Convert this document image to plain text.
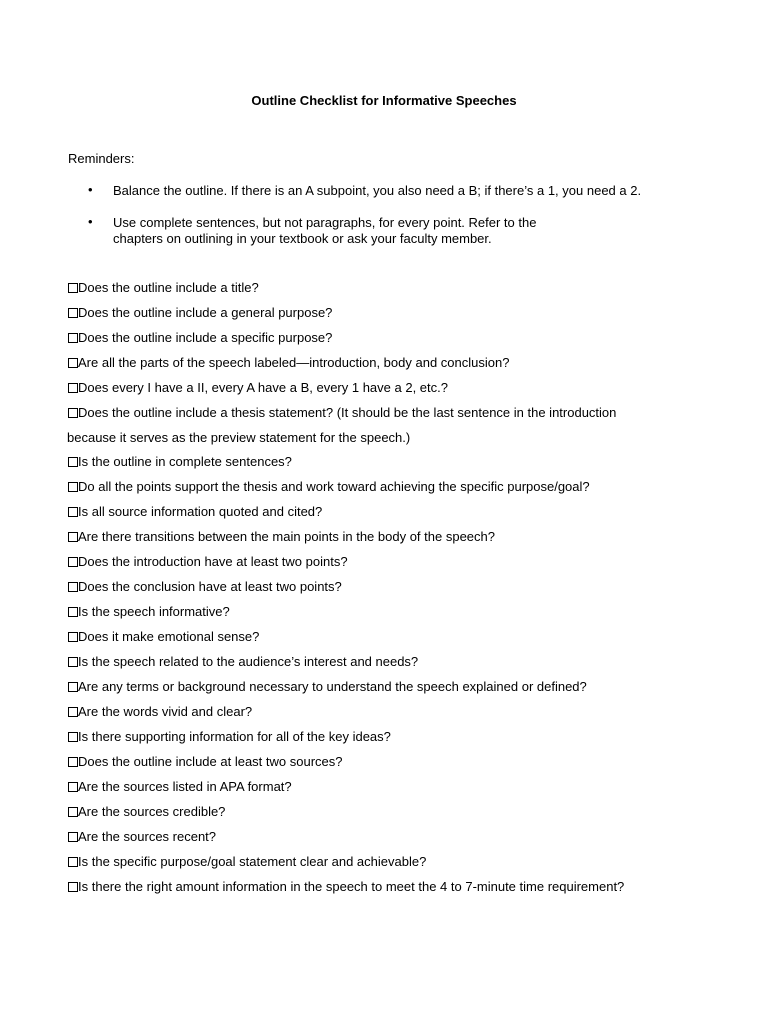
Outline Checklist for Informative Speeches
Reminders:
• Balance the outline. If there is an A subpoint, you also need a B; if there’s a 1, you need a 2.
• Use complete sentences, but not paragraphs, for every point. Refer to the chapters on outlining in your textbook or ask your faculty member.
Does the outline include a title?
Does the outline include a general purpose?
Does the outline include a specific purpose?
Are all the parts of the speech labeled—introduction, body and conclusion?
Does every I have a II, every A have a B, every 1 have a 2, etc.?
Does the outline include a thesis statement? (It should be the last sentence in the introduction
because it serves as the preview statement for the speech.)
Is the outline in complete sentences?
Do all the points support the thesis and work toward achieving the specific purpose/goal?
Is all source information quoted and cited?
Are there transitions between the main points in the body of the speech?
Does the introduction have at least two points?
Does the conclusion have at least two points?
Is the speech informative?
Does it make emotional sense?
Is the speech related to the audience’s interest and needs?
Are any terms or background necessary to understand the speech explained or defined?
Are the words vivid and clear?
Is there supporting information for all of the key ideas?
Does the outline include at least two sources?
Are the sources listed in APA format?
Are the sources credible?
Are the sources recent?
Is the specific purpose/goal statement clear and achievable?
Is there the right amount information in the speech to meet the 4 to 7-minute time requirement?
